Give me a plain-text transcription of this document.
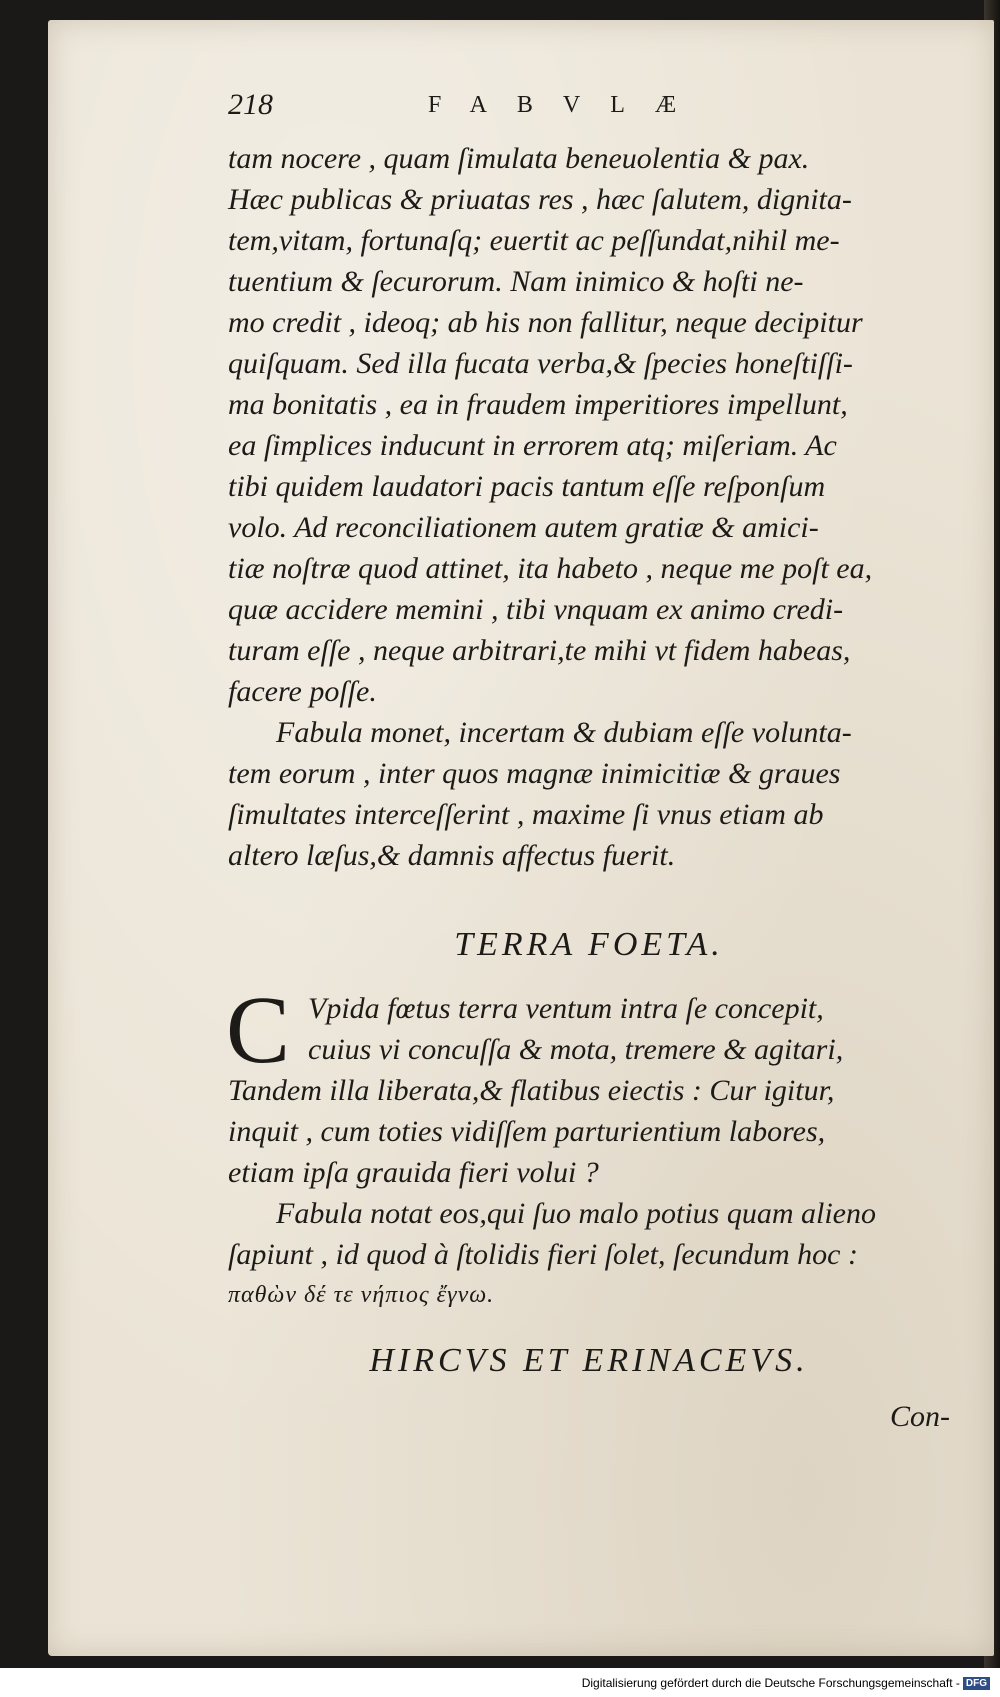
218	FABVLÆ
tam nocere , quam ſimulata beneuolentia & pax.
Hæc publicas & priuatas res , hæc ſalutem, dignita-
tem,vitam, fortunaſq; euertit ac peſſundat,nihil me-
tuentium & ſecurorum. Nam inimico & hoſti ne-
mo credit , ideoq; ab his non fallitur, neque decipitur
quiſquam. Sed illa fucata verba,& ſpecies honeſtiſſi-
ma bonitatis , ea in fraudem imperitiores impellunt,
ea ſimplices inducunt in errorem atq; miſeriam. Ac
tibi quidem laudatori pacis tantum eſſe reſponſum
volo. Ad reconciliationem autem gratiæ & amici-
tiæ noſtræ quod attinet, ita habeto , neque me poſt ea,
quæ accidere memini , tibi vnquam ex animo credi-
turam eſſe , neque arbitrari,te mihi vt fidem habeas,
facere poſſe.
Fabula monet, incertam & dubiam eſſe volunta-
tem eorum , inter quos magnæ inimicitiæ & graues
ſimultates interceſſerint , maxime ſi vnus etiam ab
altero læſus,& damnis affectus fuerit.
TERRA FOETA.
C Vpida fœtus terra ventum intra ſe concepit,
cuius vi concuſſa & mota, tremere & agitari,
Tandem illa liberata,& flatibus eiectis : Cur igitur,
inquit , cum toties vidiſſem parturientium labores,
etiam ipſa grauida fieri volui ?
Fabula notat eos,qui ſuo malo potius quam alieno
ſapiunt , id quod à ſtolidis fieri ſolet, ſecundum hoc :
παθὼν δέ τε νήπιος ἔγνω.
HIRCVS ET ERINACEVS.
Con-
Digitalisierung gefördert durch die Deutsche Forschungsgemeinschaft - DFG
